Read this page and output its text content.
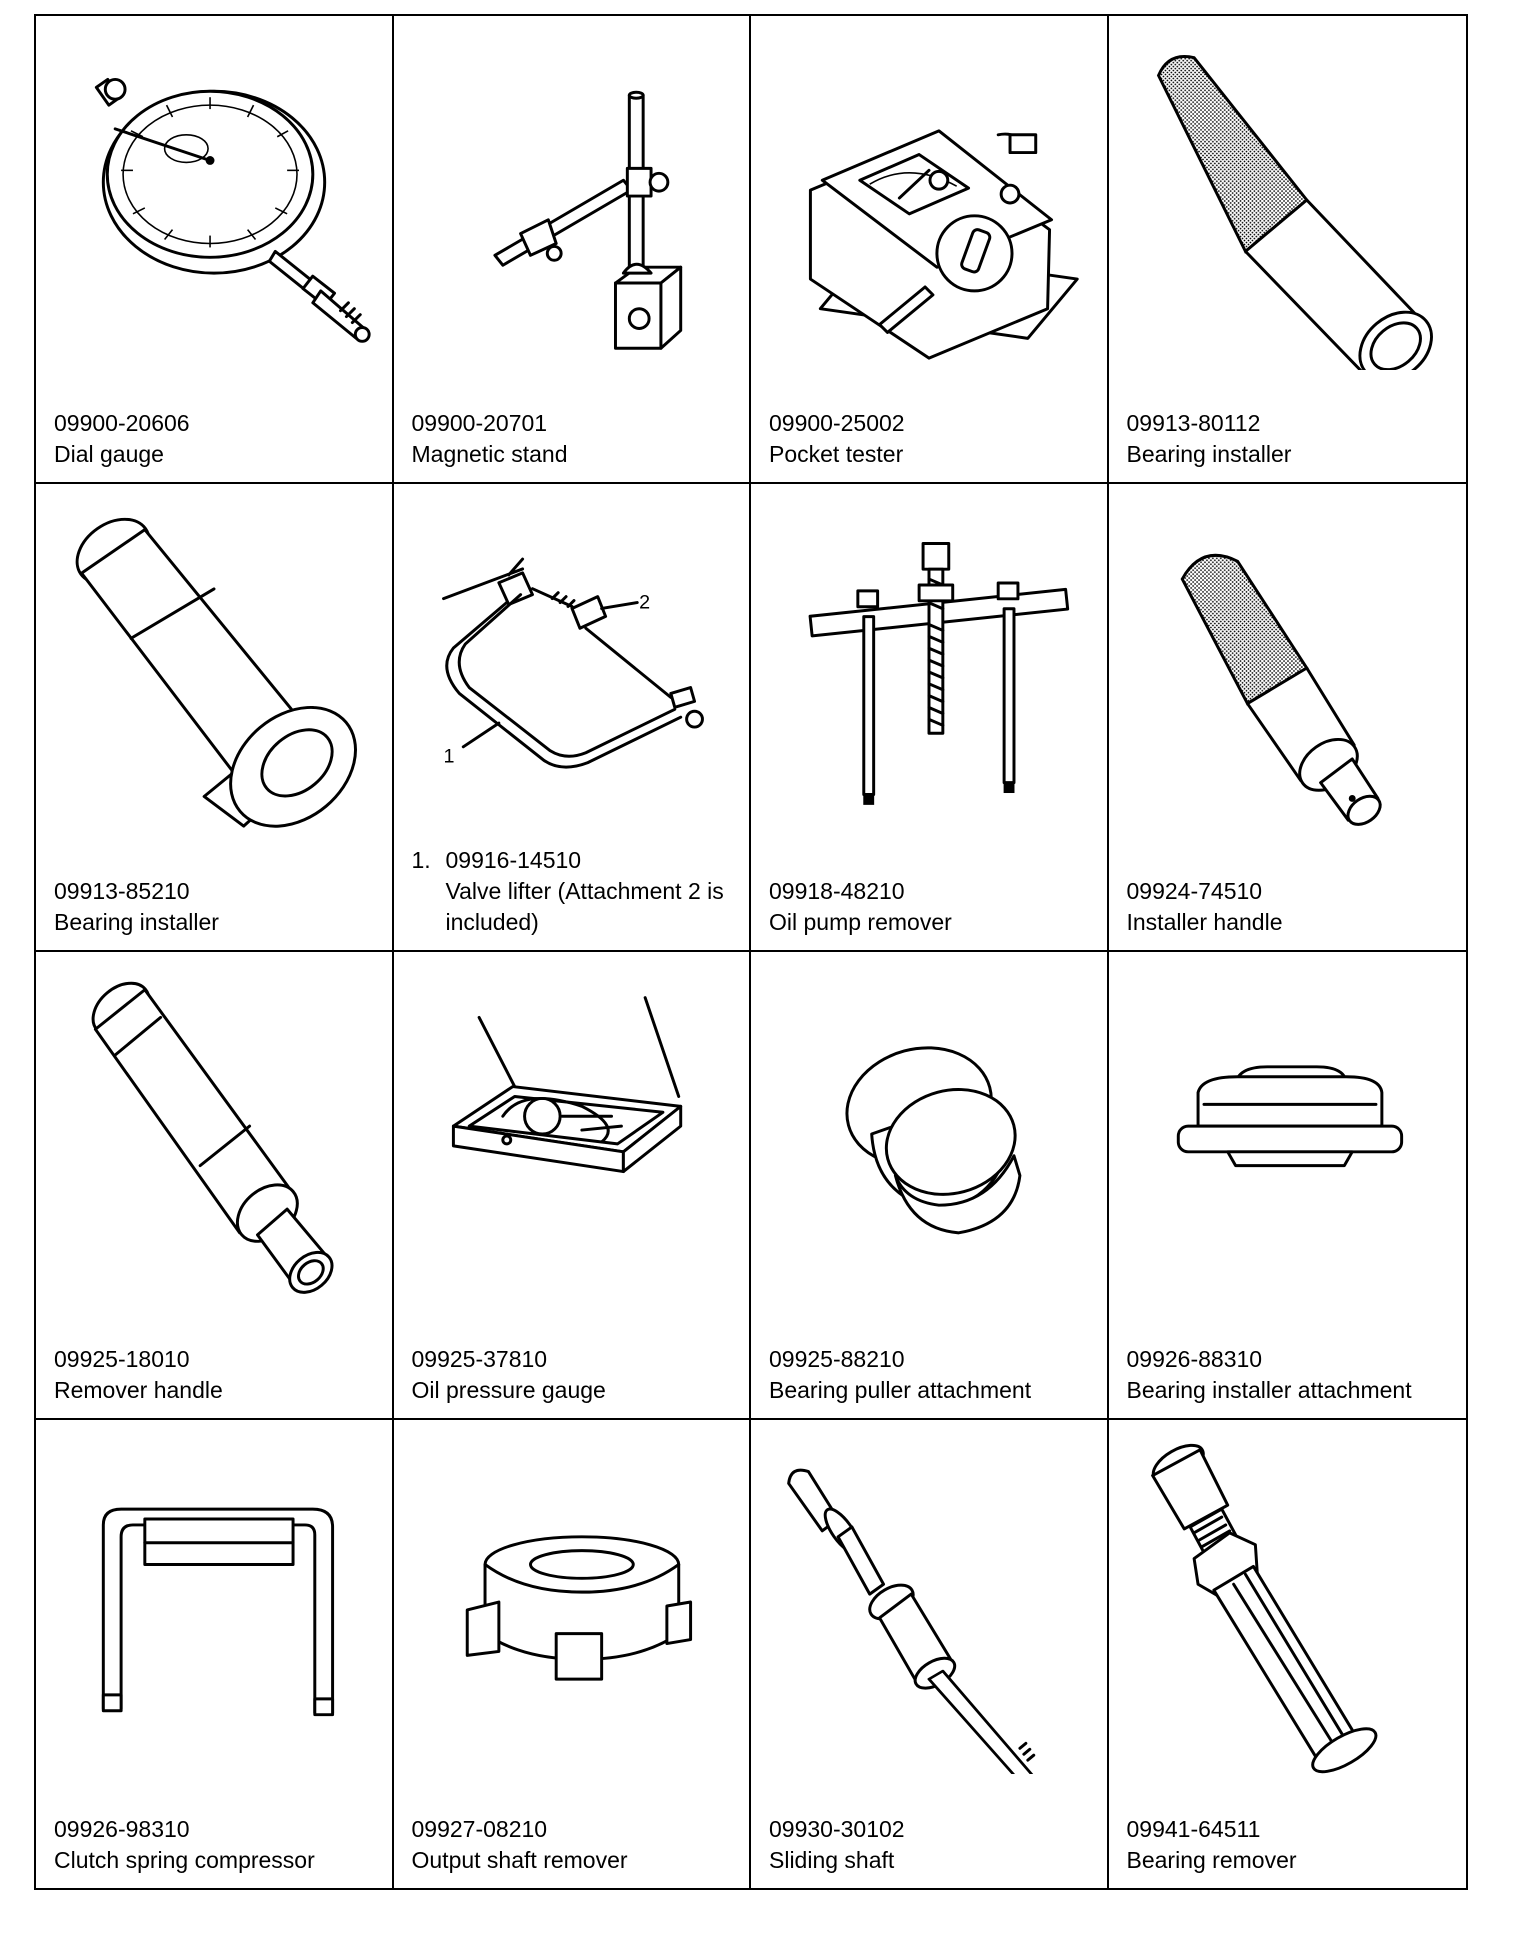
09900-20606
Dial gauge
09900-20701
Magnetic stand
09900-25002
Pocket tester
09913-80112
Bearing installer
09913-85210
Bearing installer
2
1
1. 09916-14510
Valve lifter (Attachment 2 is included)
09918-48210
Oil pump remover
09924-74510
Installer handle
09925-18010
Remover handle
09925-37810
Oil pressure gauge
09925-88210
Bearing puller attachment
09926-88310
Bearing installer attachment
09926-98310
Clutch spring compressor
09927-08210
Output shaft remover
09930-30102
Sliding shaft
09941-64511
Bearing remover
